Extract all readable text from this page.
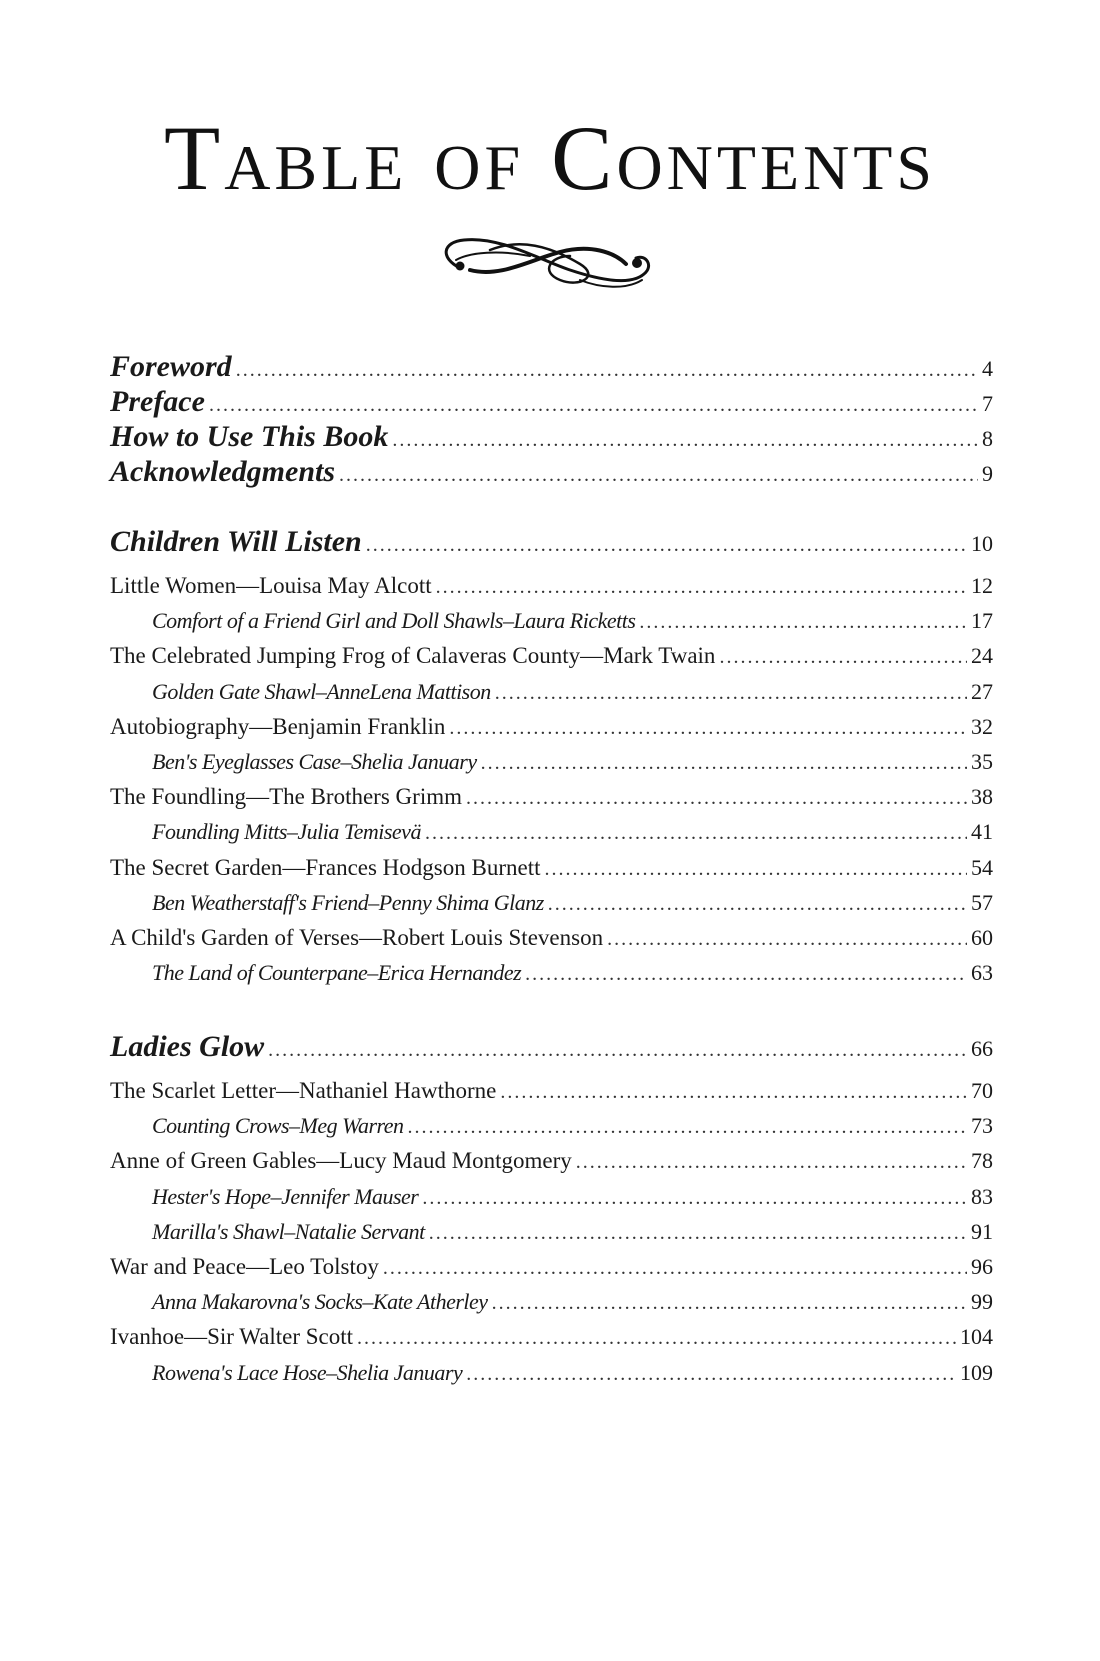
Table of Contents
Foreword .....	4
Preface .....	7
How to Use This Book .....	8
Acknowledgments .....	9
Children Will Listen .....	10
Little Women—Louisa May Alcott .....	12
Comfort of a Friend Girl and Doll Shawls–Laura Ricketts .....	17
The Celebrated Jumping Frog of Calaveras County—Mark Twain .....	24
Golden Gate Shawl–AnneLena Mattison .....	27
Autobiography—Benjamin Franklin .....	32
Ben's Eyeglasses Case–Shelia January .....	35
The Foundling—The Brothers Grimm .....	38
Foundling Mitts–Julia Temisevä .....	41
The Secret Garden—Frances Hodgson Burnett .....	54
Ben Weatherstaff's Friend–Penny Shima Glanz .....	57
A Child's Garden of Verses—Robert Louis Stevenson .....	60
The Land of Counterpane–Erica Hernandez .....	63
Ladies Glow .....	66
The Scarlet Letter—Nathaniel Hawthorne .....	70
Counting Crows–Meg Warren .....	73
Anne of Green Gables—Lucy Maud Montgomery .....	78
Hester's Hope–Jennifer Mauser .....	83
Marilla's Shawl–Natalie Servant .....	91
War and Peace—Leo Tolstoy .....	96
Anna Makarovna's Socks–Kate Atherley .....	99
Ivanhoe—Sir Walter Scott .....	104
Rowena's Lace Hose–Shelia January .....	109
